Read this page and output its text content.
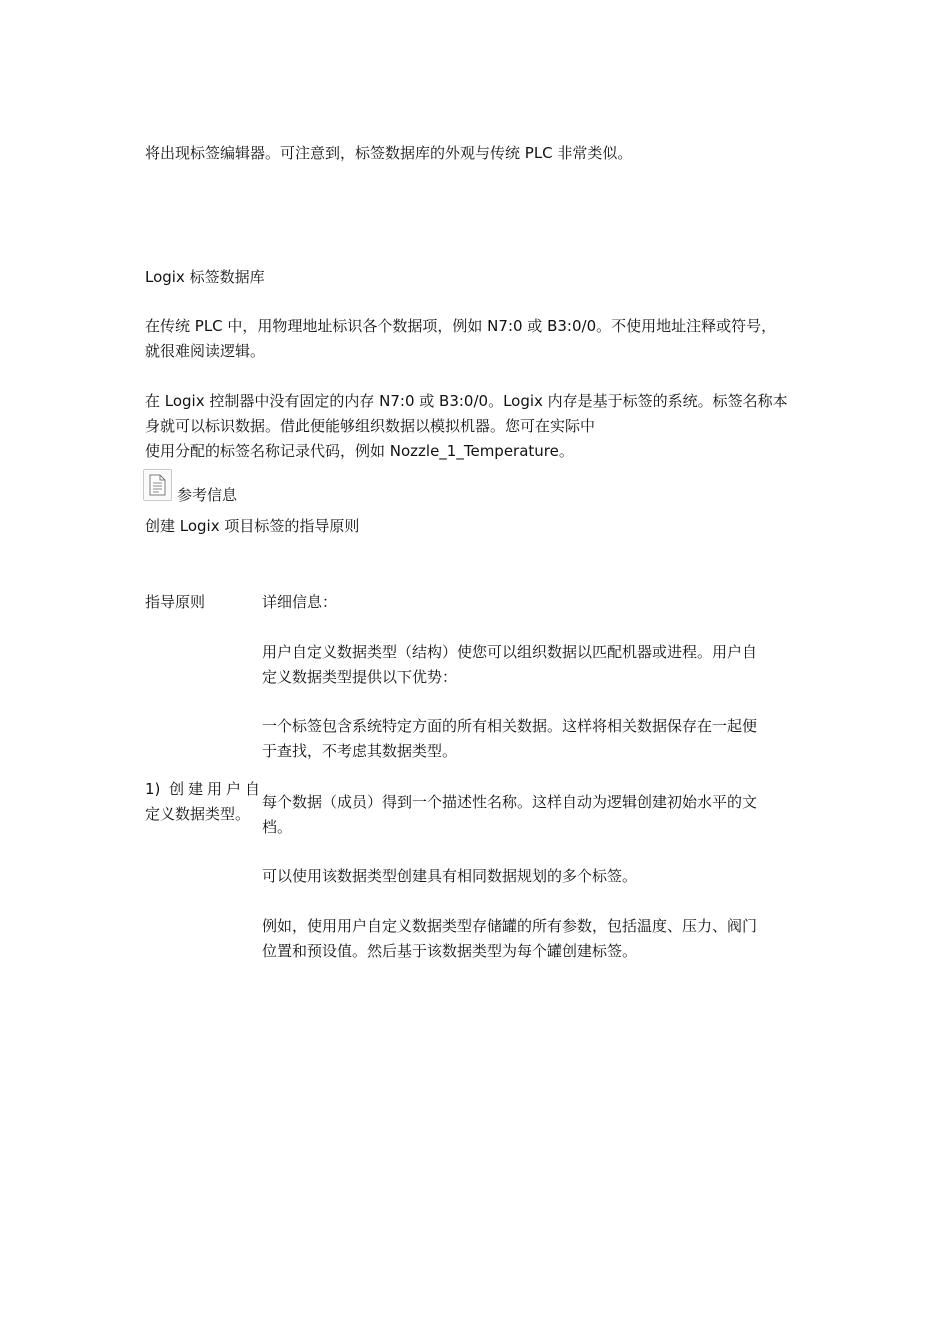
将出现标签编辑器。可注意到，标签数据库的外观与传统 PLC 非常类似。
Logix 标签数据库
在传统 PLC 中，用物理地址标识各个数据项，例如 N7:0 或 B3:0/0。不使用地址注释或符号，
就很难阅读逻辑。
在 Logix 控制器中没有固定的内存 N7:0 或 B3:0/0。Logix 内存是基于标签的系统。标签名称本
身就可以标识数据。借此便能够组织数据以模拟机器。您可在实际中
使用分配的标签名称记录代码，例如 Nozzle_1_Temperature。
参考信息
创建 Logix 项目标签的指导原则
指导原则	详细信息：
1) 创建用户自
定义数据类型。
用户自定义数据类型（结构）使您可以组织数据以匹配机器或进程。用户自
定义数据类型提供以下优势：
一个标签包含系统特定方面的所有相关数据。这样将相关数据保存在一起便
于查找，不考虑其数据类型。
每个数据（成员）得到一个描述性名称。这样自动为逻辑创建初始水平的文
档。
可以使用该数据类型创建具有相同数据规划的多个标签。
例如，使用用户自定义数据类型存储罐的所有参数，包括温度、压力、阀门
位置和预设值。然后基于该数据类型为每个罐创建标签。
